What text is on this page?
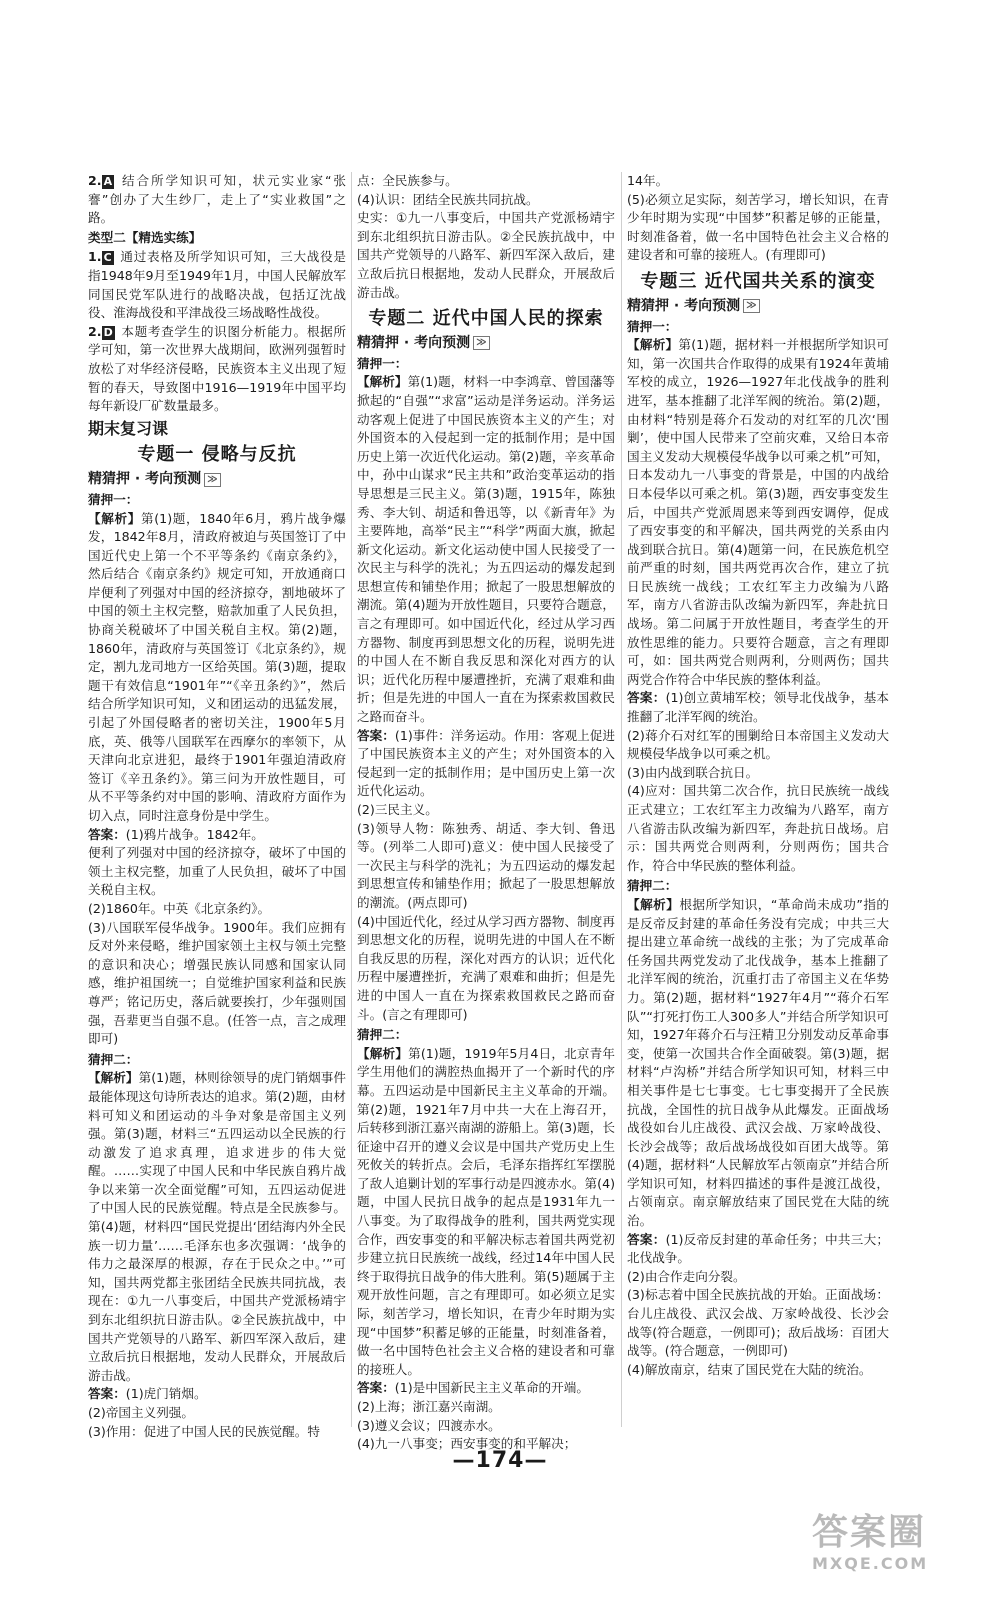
2. A 结合所学知识可知，状元实业家“张謇”创办了大生纱厂，走上了“实业救国”之路。

类型二【精选实练】

1. C 通过表格及所学知识可知，三大战役是指1948年9月至1949年1月，中国人民解放军同国民党军队进行的战略决战，包括辽沈战役、淮海战役和平津战役三场战略性战役。

2. D 本题考查学生的识图分析能力。根据所学可知，第一次世界大战期间，欧洲列强暂时放松了对华经济侵略，民族资本主义出现了短暂的春天，导致图中1916—1919年中国平均每年新设厂矿数量最多。

期末复习课

专题一 侵略与反抗

精猜押 · 考向预测 ≫

猜押一：

【解析】第(1)题，1840年6月，鸦片战争爆发，1842年8月，清政府被迫与英国签订了中国近代史上第一个不平等条约《南京条约》，然后结合《南京条约》规定可知，开放通商口岸便利了列强对中国的经济掠夺，割地破坏了中国的领土主权完整，赔款加重了人民负担，协商关税破坏了中国关税自主权。第(2)题，1860年，清政府与英国签订《北京条约》，规定，割九龙司地方一区给英国。第(3)题，提取题干有效信息“1901年”“《辛丑条约》”，然后结合所学知识可知，义和团运动的迅猛发展，引起了外国侵略者的密切关注，1900年5月底，英、俄等八国联军在西摩尔的率领下，从天津向北京进犯，最终于1901年强迫清政府签订《辛丑条约》。第三问为开放性题目，可从不平等条约对中国的影响、清政府方面作为切入点，同时注意身份是中学生。

答案：(1)鸦片战争。1842年。

便利了列强对中国的经济掠夺，破坏了中国的领土主权完整，加重了人民负担，破坏了中国关税自主权。

(2)1860年。中英《北京条约》。

(3)八国联军侵华战争。1900年。我们应拥有反对外来侵略，维护国家领土主权与领土完整的意识和决心；增强民族认同感和国家认同感，维护祖国统一；自觉维护国家利益和民族尊严；铭记历史，落后就要挨打，少年强则国强，吾辈更当自强不息。(任答一点，言之成理即可)

猜押二：

【解析】第(1)题，林则徐领导的虎门销烟事件最能体现这句诗所表达的追求。第(2)题，由材料可知义和团运动的斗争对象是帝国主义列强。第(3)题，材料三“五四运动以全民族的行动激发了追求真理，追求进步的伟大觉醒。……实现了中国人民和中华民族自鸦片战争以来第一次全面觉醒”可知，五四运动促进了中国人民的民族觉醒。特点是全民族参与。第(4)题，材料四“国民党提出‘团结海内外全民族一切力量’……毛泽东也多次强调：‘战争的伟力之最深厚的根源，存在于民众之中。’”可知，国共两党都主张团结全民族共同抗战，表现在：①九一八事变后，中国共产党派杨靖宇到东北组织抗日游击队。②全民族抗战中，中国共产党领导的八路军、新四军深入敌后，建立敌后抗日根据地，发动人民群众，开展敌后游击战。

答案：(1)虎门销烟。

(2)帝国主义列强。

(3)作用：促进了中国人民的民族觉醒。特

点：全民族参与。

(4)认识：团结全民族共同抗战。

史实：①九一八事变后，中国共产党派杨靖宇到东北组织抗日游击队。②全民族抗战中，中国共产党领导的八路军、新四军深入敌后，建立敌后抗日根据地，发动人民群众，开展敌后游击战。

专题二 近代中国人民的探索

精猜押 · 考向预测 ≫

猜押一：

【解析】第(1)题，材料一中李鸿章、曾国藩等掀起的“自强”“求富”运动是洋务运动。洋务运动客观上促进了中国民族资本主义的产生；对外国资本的入侵起到一定的抵制作用；是中国历史上第一次近代化运动。第(2)题，辛亥革命中，孙中山谋求“民主共和”政治变革运动的指导思想是三民主义。第(3)题，1915年，陈独秀、李大钊、胡适和鲁迅等，以《新青年》为主要阵地，高举“民主”“科学”两面大旗，掀起新文化运动。新文化运动使中国人民接受了一次民主与科学的洗礼；为五四运动的爆发起到思想宣传和铺垫作用；掀起了一股思想解放的潮流。第(4)题为开放性题目，只要符合题意，言之有理即可。如中国近代化，经过从学习西方器物、制度再到思想文化的历程，说明先进的中国人在不断自我反思和深化对西方的认识；近代化历程中屡遭挫折，充满了艰难和曲折；但是先进的中国人一直在为探索救国救民之路而奋斗。

答案：(1)事件：洋务运动。作用：客观上促进了中国民族资本主义的产生；对外国资本的入侵起到一定的抵制作用；是中国历史上第一次近代化运动。

(2)三民主义。

(3)领导人物：陈独秀、胡适、李大钊、鲁迅等。(列举二人即可)意义：使中国人民接受了一次民主与科学的洗礼；为五四运动的爆发起到思想宣传和铺垫作用；掀起了一股思想解放的潮流。(两点即可)

(4)中国近代化，经过从学习西方器物、制度再到思想文化的历程，说明先进的中国人在不断自我反思的历程，深化对西方的认识；近代化历程中屡遭挫折，充满了艰难和曲折；但是先进的中国人一直在为探索救国救民之路而奋斗。(言之有理即可)

猜押二：

【解析】第(1)题，1919年5月4日，北京青年学生用他们的满腔热血揭开了一个新时代的序幕。五四运动是中国新民主主义革命的开端。第(2)题，1921年7月中共一大在上海召开，后转移到浙江嘉兴南湖的游船上。第(3)题，长征途中召开的遵义会议是中国共产党历史上生死攸关的转折点。会后，毛泽东指挥红军摆脱了敌人追剿计划的军事行动是四渡赤水。第(4)题，中国人民抗日战争的起点是1931年九一八事变。为了取得战争的胜利，国共两党实现合作，西安事变的和平解决标志着国共两党初步建立抗日民族统一战线，经过14年中国人民终于取得抗日战争的伟大胜利。第(5)题属于主观开放性问题，言之有理即可。如必须立足实际，刻苦学习，增长知识，在青少年时期为实现“中国梦”积蓄足够的正能量，时刻准备着，做一名中国特色社会主义合格的建设者和可靠的接班人。

答案：(1)是中国新民主主义革命的开端。

(2)上海；浙江嘉兴南湖。

(3)遵义会议；四渡赤水。

(4)九一八事变；西安事变的和平解决；

14年。

(5)必须立足实际，刻苦学习，增长知识，在青少年时期为实现“中国梦”积蓄足够的正能量，时刻准备着，做一名中国特色社会主义合格的建设者和可靠的接班人。(有理即可)

专题三 近代国共关系的演变

精猜押 · 考向预测 ≫

猜押一：

【解析】第(1)题，据材料一并根据所学知识可知，第一次国共合作取得的成果有1924年黄埔军校的成立，1926—1927年北伐战争的胜利进军，基本推翻了北洋军阀的统治。第(2)题，由材料“特别是蒋介石发动的对红军的几次‘围剿’，使中国人民带来了空前灾难，又给日本帝国主义发动大规模侵华战争以可乘之机”可知，日本发动九一八事变的背景是，中国的内战给日本侵华以可乘之机。第(3)题，西安事变发生后，中国共产党派周恩来等到西安调停，促成了西安事变的和平解决，国共两党的关系由内战到联合抗日。第(4)题第一问，在民族危机空前严重的时刻，国共两党再次合作，建立了抗日民族统一战线；工农红军主力改编为八路军，南方八省游击队改编为新四军，奔赴抗日战场。第二问属于开放性题目，考查学生的开放性思维的能力。只要符合题意，言之有理即可，如：国共两党合则两利，分则两伤；国共两党合作符合中华民族的整体利益。

答案：(1)创立黄埔军校；领导北伐战争，基本推翻了北洋军阀的统治。

(2)蒋介石对红军的围剿给日本帝国主义发动大规模侵华战争以可乘之机。

(3)由内战到联合抗日。

(4)应对：国共第二次合作，抗日民族统一战线正式建立；工农红军主力改编为八路军，南方八省游击队改编为新四军，奔赴抗日战场。启示：国共两党合则两利，分则两伤；国共合作，符合中华民族的整体利益。

猜押二：

【解析】根据所学知识，“革命尚未成功”指的是反帝反封建的革命任务没有完成；中共三大提出建立革命统一战线的主张；为了完成革命任务国共两党发动了北伐战争，基本上推翻了北洋军阀的统治，沉重打击了帝国主义在华势力。第(2)题，据材料“1927年4月”“蒋介石军队”“打死打伤工人300多人”并结合所学知识可知，1927年蒋介石与汪精卫分别发动反革命事变，使第一次国共合作全面破裂。第(3)题，据材料“卢沟桥”并结合所学知识可知，材料三中相关事件是七七事变。七七事变揭开了全民族抗战，全国性的抗日战争从此爆发。正面战场战役如台儿庄战役、武汉会战、万家岭战役、长沙会战等；敌后战场战役如百团大战等。第(4)题，据材料“人民解放军占领南京”并结合所学知识可知，材料四描述的事件是渡江战役，占领南京。南京解放结束了国民党在大陆的统治。

答案：(1)反帝反封建的革命任务；中共三大；北伐战争。

(2)由合作走向分裂。

(3)标志着中国全民族抗战的开始。正面战场：台儿庄战役、武汉会战、万家岭战役、长沙会战等(符合题意，一例即可)；敌后战场：百团大战等。(符合题意，一例即可)

(4)解放南京，结束了国民党在大陆的统治。

—174—
答案圈
MXQE.COM
